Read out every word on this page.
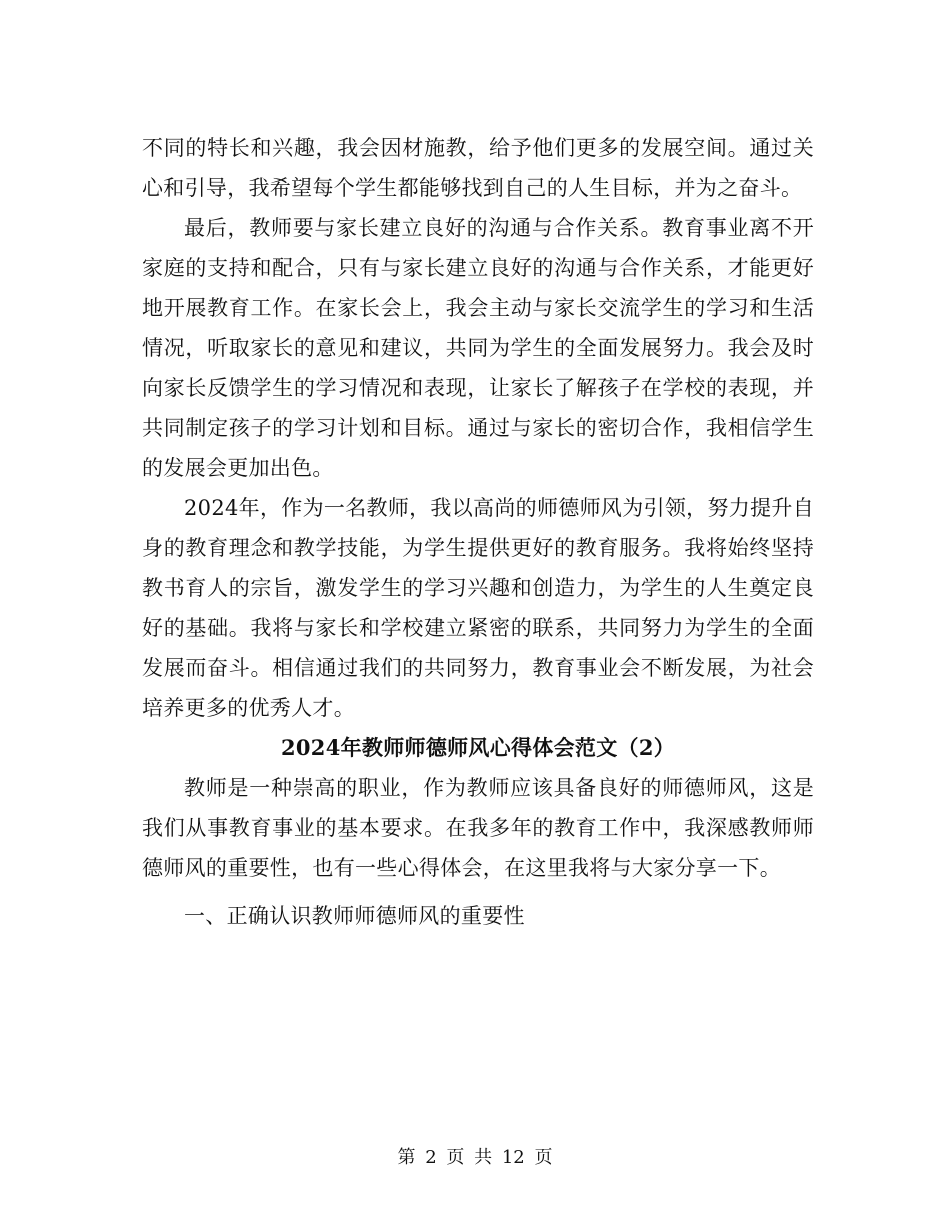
不同的特长和兴趣，我会因材施教，给予他们更多的发展空间。通过关心和引导，我希望每个学生都能够找到自己的人生目标，并为之奋斗。

最后，教师要与家长建立良好的沟通与合作关系。教育事业离不开家庭的支持和配合，只有与家长建立良好的沟通与合作关系，才能更好地开展教育工作。在家长会上，我会主动与家长交流学生的学习和生活情况，听取家长的意见和建议，共同为学生的全面发展努力。我会及时向家长反馈学生的学习情况和表现，让家长了解孩子在学校的表现，并共同制定孩子的学习计划和目标。通过与家长的密切合作，我相信学生的发展会更加出色。

2024年，作为一名教师，我以高尚的师德师风为引领，努力提升自身的教育理念和教学技能，为学生提供更好的教育服务。我将始终坚持教书育人的宗旨，激发学生的学习兴趣和创造力，为学生的人生奠定良好的基础。我将与家长和学校建立紧密的联系，共同努力为学生的全面发展而奋斗。相信通过我们的共同努力，教育事业会不断发展，为社会培养更多的优秀人才。

2024年教师师德师风心得体会范文（2）

教师是一种崇高的职业，作为教师应该具备良好的师德师风，这是我们从事教育事业的基本要求。在我多年的教育工作中，我深感教师师德师风的重要性，也有一些心得体会，在这里我将与大家分享一下。

一、正确认识教师师德师风的重要性

第 2 页 共 12 页
